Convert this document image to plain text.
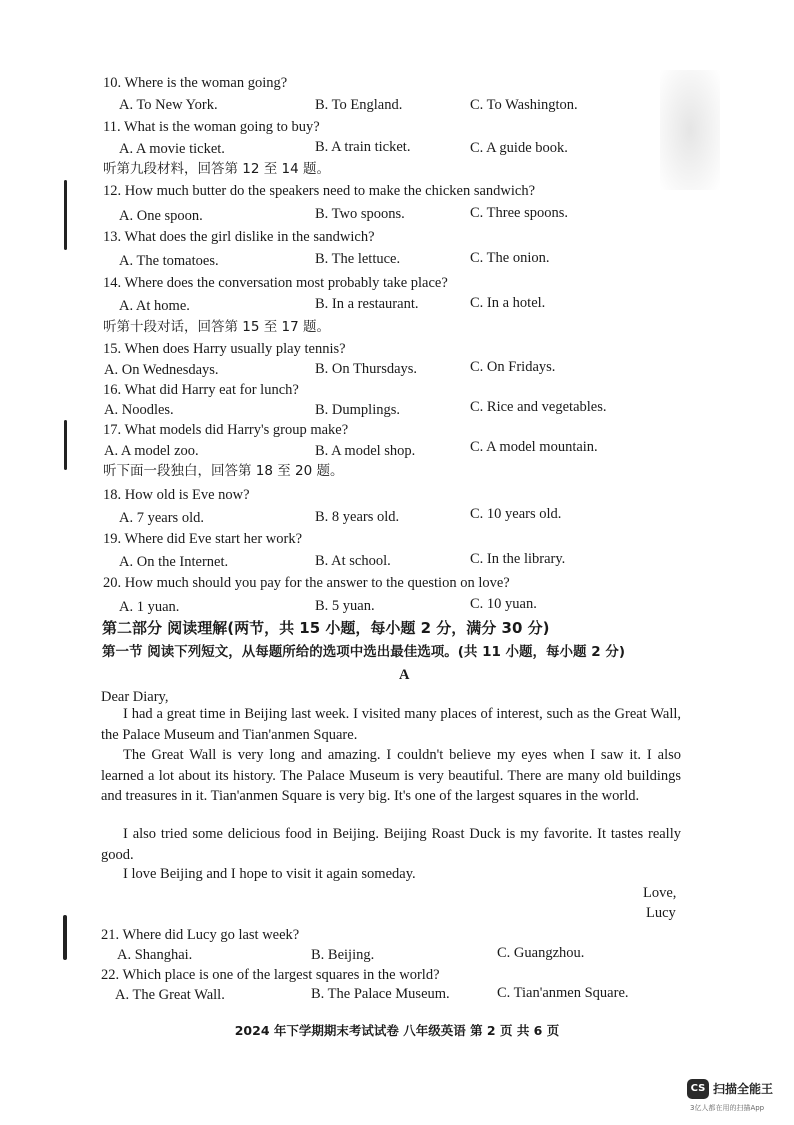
10. Where is the woman going?
A. To New York.	B. To England.	C. To Washington.
11. What is the woman going to buy?
A. A movie ticket.	B. A train ticket.	C. A guide book.
听第九段材料，回答第 12 至 14 题。
12. How much butter do the speakers need to make the chicken sandwich?
A. One spoon.	B. Two spoons.	C. Three spoons.
13. What does the girl dislike in the sandwich?
A. The tomatoes.	B. The lettuce.	C. The onion.
14. Where does the conversation most probably take place?
A. At home.	B. In a restaurant.	C. In a hotel.
听第十段对话，回答第 15 至 17 题。
15. When does Harry usually play tennis?
A. On Wednesdays.	B. On Thursdays.	C. On Fridays.
16. What did Harry eat for lunch?
A. Noodles.	B. Dumplings.	C. Rice and vegetables.
17. What models did Harry's group make?
A. A model zoo.	B. A model shop.	C. A model mountain.
听下面一段独白，回答第 18 至 20 题。
18. How old is Eve now?
A. 7 years old.	B. 8 years old.	C. 10 years old.
19. Where did Eve start her work?
A. On the Internet.	B. At school.	C. In the library.
20. How much should you pay for the answer to the question on love?
A. 1 yuan.	B. 5 yuan.	C. 10 yuan.
第二部分 阅读理解(两节，共 15 小题，每小题 2 分，满分 30 分)
第一节 阅读下列短文，从每题所给的选项中选出最佳选项。(共 11 小题，每小题 2 分)
A
Dear Diary,
I had a great time in Beijing last week. I visited many places of interest, such as the Great Wall, the Palace Museum and Tian'anmen Square.
The Great Wall is very long and amazing. I couldn't believe my eyes when I saw it. I also learned a lot about its history. The Palace Museum is very beautiful. There are many old buildings and treasures in it. Tian'anmen Square is very big. It's one of the largest squares in the world.
I also tried some delicious food in Beijing. Beijing Roast Duck is my favorite. It tastes really good.
I love Beijing and I hope to visit it again someday.
Love,
Lucy
21. Where did Lucy go last week?
A. Shanghai.	B. Beijing.	C. Guangzhou.
22. Which place is one of the largest squares in the world?
A. The Great Wall.	B. The Palace Museum.	C. Tian'anmen Square.
2024 年下学期期末考试试卷 八年级英语 第 2 页 共 6 页
CS 扫描全能王
3亿人都在用的扫描App
